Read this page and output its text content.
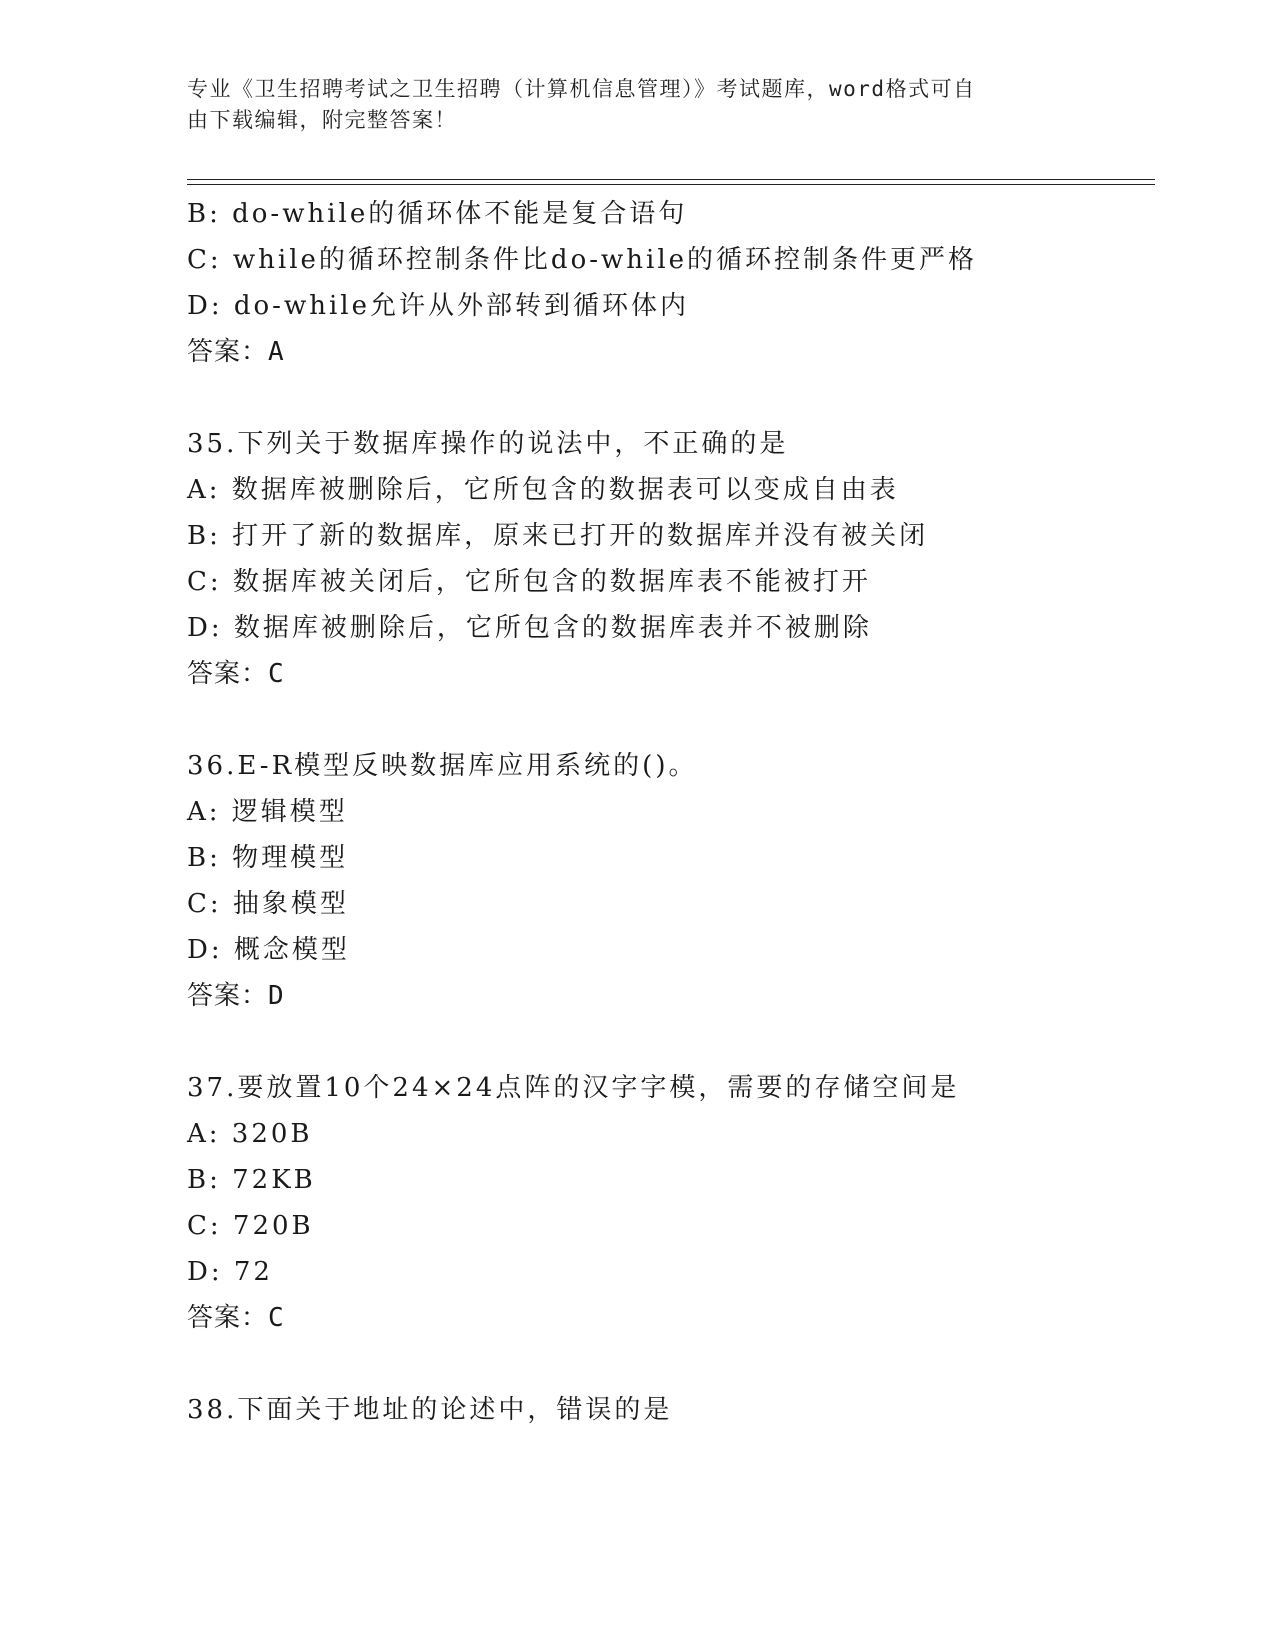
专业《卫生招聘考试之卫生招聘（计算机信息管理）》考试题库，word格式可自
由下载编辑，附完整答案！
B: do-while的循环体不能是复合语句
C: while的循环控制条件比do-while的循环控制条件更严格
D: do-while允许从外部转到循环体内
答案：A
35.下列关于数据库操作的说法中，不正确的是
A: 数据库被删除后，它所包含的数据表可以变成自由表
B: 打开了新的数据库，原来已打开的数据库并没有被关闭
C: 数据库被关闭后，它所包含的数据库表不能被打开
D: 数据库被删除后，它所包含的数据库表并不被删除
答案：C
36.E-R模型反映数据库应用系统的()。
A: 逻辑模型
B: 物理模型
C: 抽象模型
D: 概念模型
答案：D
37.要放置10个24×24点阵的汉字字模，需要的存储空间是
A: 320B
B: 72KB
C: 720B
D: 72
答案：C
38.下面关于地址的论述中，错误的是
